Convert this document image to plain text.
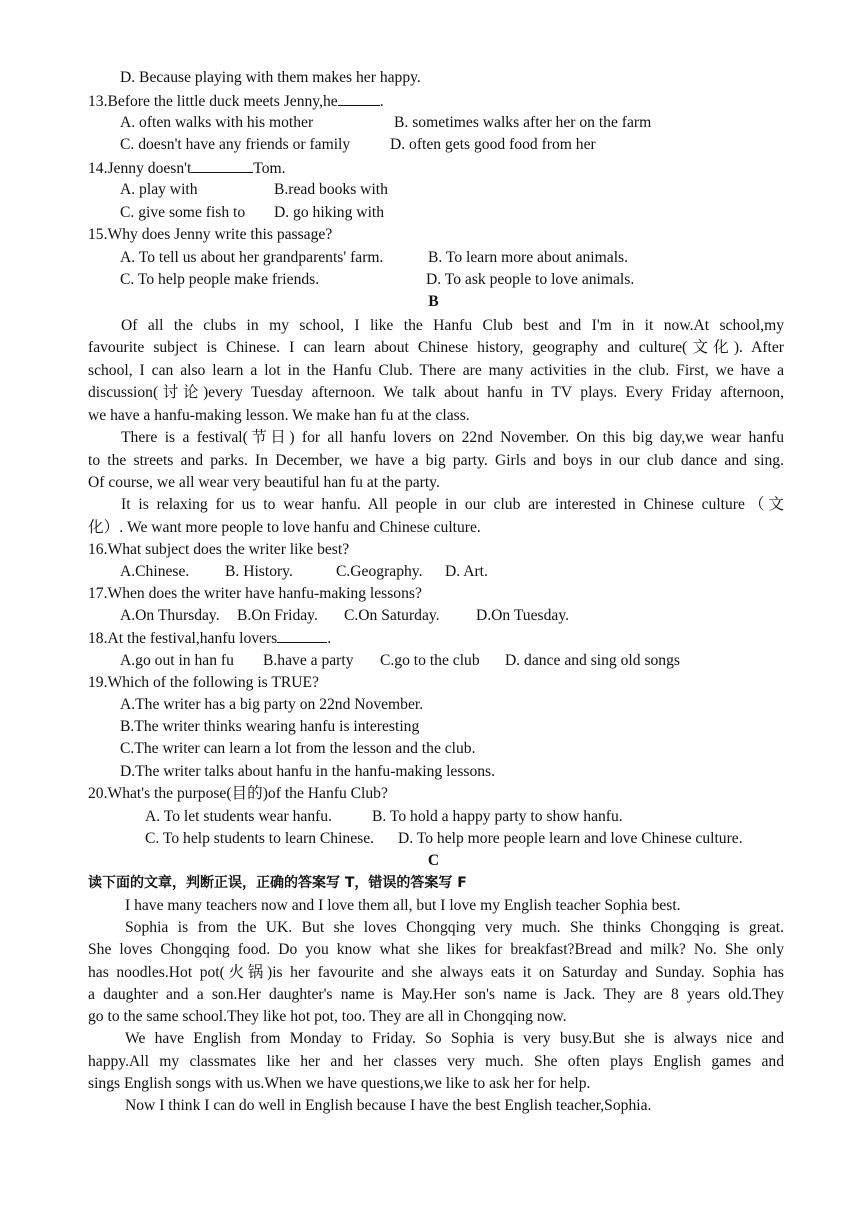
D. Because playing with them makes her happy.
13.Before the little duck meets Jenny,he	.
A. often walks with his mother	B. sometimes walks after her on the farm
C. doesn't have any friends or family	D. often gets good food from her
14.Jenny doesn't	Tom.
A. play with	B.read books with
C. give some fish to D. go hiking with
15.Why does Jenny write this passage?
A. To tell us about her grandparents' farm.	B. To learn more about animals.
C. To help people make friends.	D. To ask people to love animals.
B
Of all the clubs in my school, I like the Hanfu Club best and I'm in it now.At school,my
favourite subject is Chinese. I can learn about Chinese history, geography and culture(文化). After
school, I can also learn a lot in the Hanfu Club. There are many activities in the club. First, we have a
discussion(讨论)every Tuesday afternoon. We talk about hanfu in TV plays. Every Friday afternoon,
we have a hanfu-making lesson. We make han fu at the class.
There is a festival(节日) for all hanfu lovers on 22nd November. On this big day,we wear hanfu
to the streets and parks. In December, we have a big party. Girls and boys in our club dance and sing.
Of course, we all wear very beautiful han fu at the party.
It is relaxing for us to wear hanfu. All people in our club are interested in Chinese culture（文
化）. We want more people to love hanfu and Chinese culture.
16.What subject does the writer like best?
A.Chinese. B. History.	C.Geography. D. Art.
17.When does the writer have hanfu-making lessons?
A.On Thursday. B.On Friday. C.On Saturday. D.On Tuesday.
18.At the festival,hanfu lovers	.
A.go out in han fu B.have a party C.go to the club D. dance and sing old songs
19.Which of the following is TRUE?
A.The writer has a big party on 22nd November.
B.The writer thinks wearing hanfu is interesting
C.The writer can learn a lot from the lesson and the club.
D.The writer talks about hanfu in the hanfu-making lessons.
20.What's the purpose(目的)of the Hanfu Club?
A. To let students wear hanfu.	B. To hold a happy party to show hanfu.
C. To help students to learn Chinese. D. To help more people learn and love Chinese culture.
C
读下面的文章，判断正误，正确的答案写 T，错误的答案写 F
I have many teachers now and I love them all, but I love my English teacher Sophia best.
Sophia is from the UK. But she loves Chongqing very much. She thinks Chongqing is great.
She loves Chongqing food. Do you know what she likes for breakfast?Bread and milk? No. She only
has noodles.Hot pot(火锅)is her favourite and she always eats it on Saturday and Sunday. Sophia has
a daughter and a son.Her daughter's name is May.Her son's name is Jack. They are 8 years old.They
go to the same school.They like hot pot, too. They are all in Chongqing now.
We have English from Monday to Friday. So Sophia is very busy.But she is always nice and
happy.All my classmates like her and her classes very much. She often plays English games and
sings English songs with us.When we have questions,we like to ask her for help.
Now I think I can do well in English because I have the best English teacher,Sophia.
